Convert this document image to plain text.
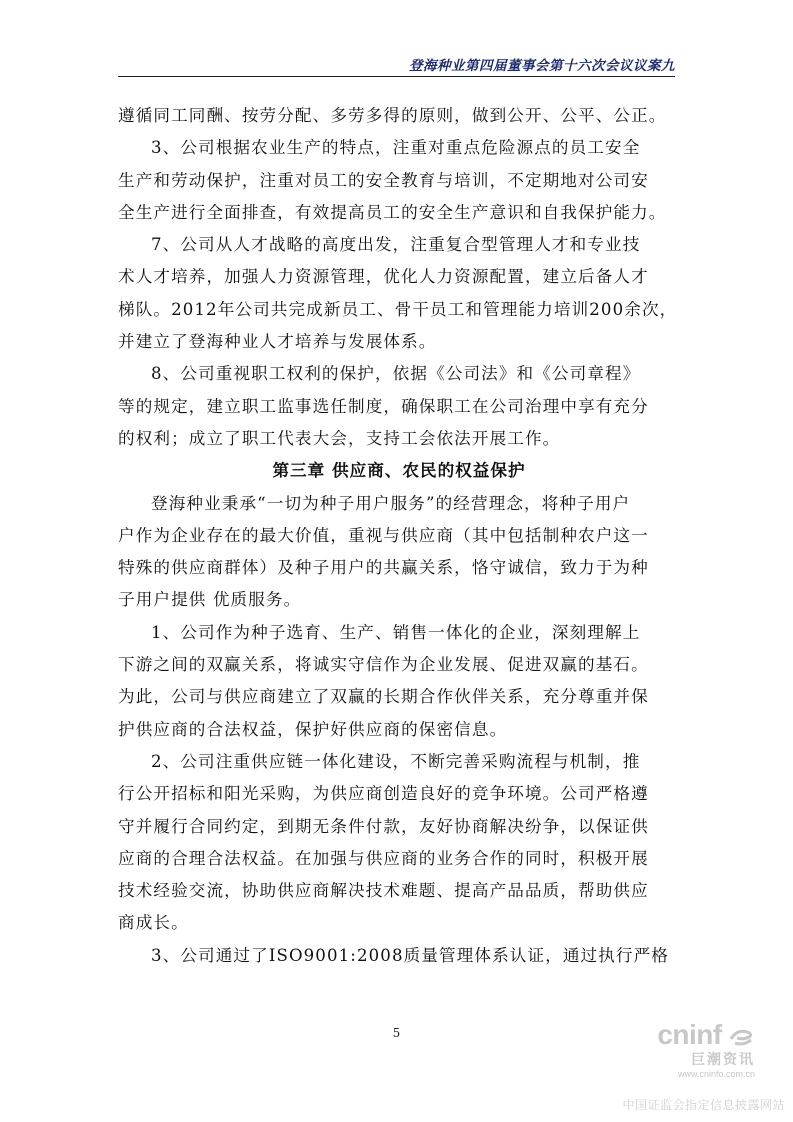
登海种业第四届董事会第十六次会议议案九
遵循同工同酬、按劳分配、多劳多得的原则，做到公开、公平、公正。
3、公司根据农业生产的特点，注重对重点危险源点的员工安全
生产和劳动保护，注重对员工的安全教育与培训，不定期地对公司安
全生产进行全面排查，有效提高员工的安全生产意识和自我保护能力。
7、公司从人才战略的高度出发，注重复合型管理人才和专业技
术人才培养，加强人力资源管理，优化人力资源配置，建立后备人才
梯队。2012年公司共完成新员工、骨干员工和管理能力培训200余次，
并建立了登海种业人才培养与发展体系。
8、公司重视职工权利的保护，依据《公司法》和《公司章程》
等的规定，建立职工监事选任制度，确保职工在公司治理中享有充分
的权利；成立了职工代表大会，支持工会依法开展工作。
第三章 供应商、农民的权益保护
登海种业秉承“一切为种子用户服务”的经营理念，将种子用户
户作为企业存在的最大价值，重视与供应商（其中包括制种农户这一
特殊的供应商群体）及种子用户的共赢关系，恪守诚信，致力于为种
子用户提供 优质服务。
1、公司作为种子选育、生产、销售一体化的企业，深刻理解上
下游之间的双赢关系，将诚实守信作为企业发展、促进双赢的基石。
为此，公司与供应商建立了双赢的长期合作伙伴关系，充分尊重并保
护供应商的合法权益，保护好供应商的保密信息。
2、公司注重供应链一体化建设，不断完善采购流程与机制，推
行公开招标和阳光采购，为供应商创造良好的竞争环境。公司严格遵
守并履行合同约定，到期无条件付款，友好协商解决纷争，以保证供
应商的合理合法权益。在加强与供应商的业务合作的同时，积极开展
技术经验交流，协助供应商解决技术难题、提高产品品质，帮助供应
商成长。
3、公司通过了ISO9001:2008质量管理体系认证，通过执行严格
5	cninf
巨潮资讯
www.cninfo.com.cn
中国证监会指定信息披露网站
